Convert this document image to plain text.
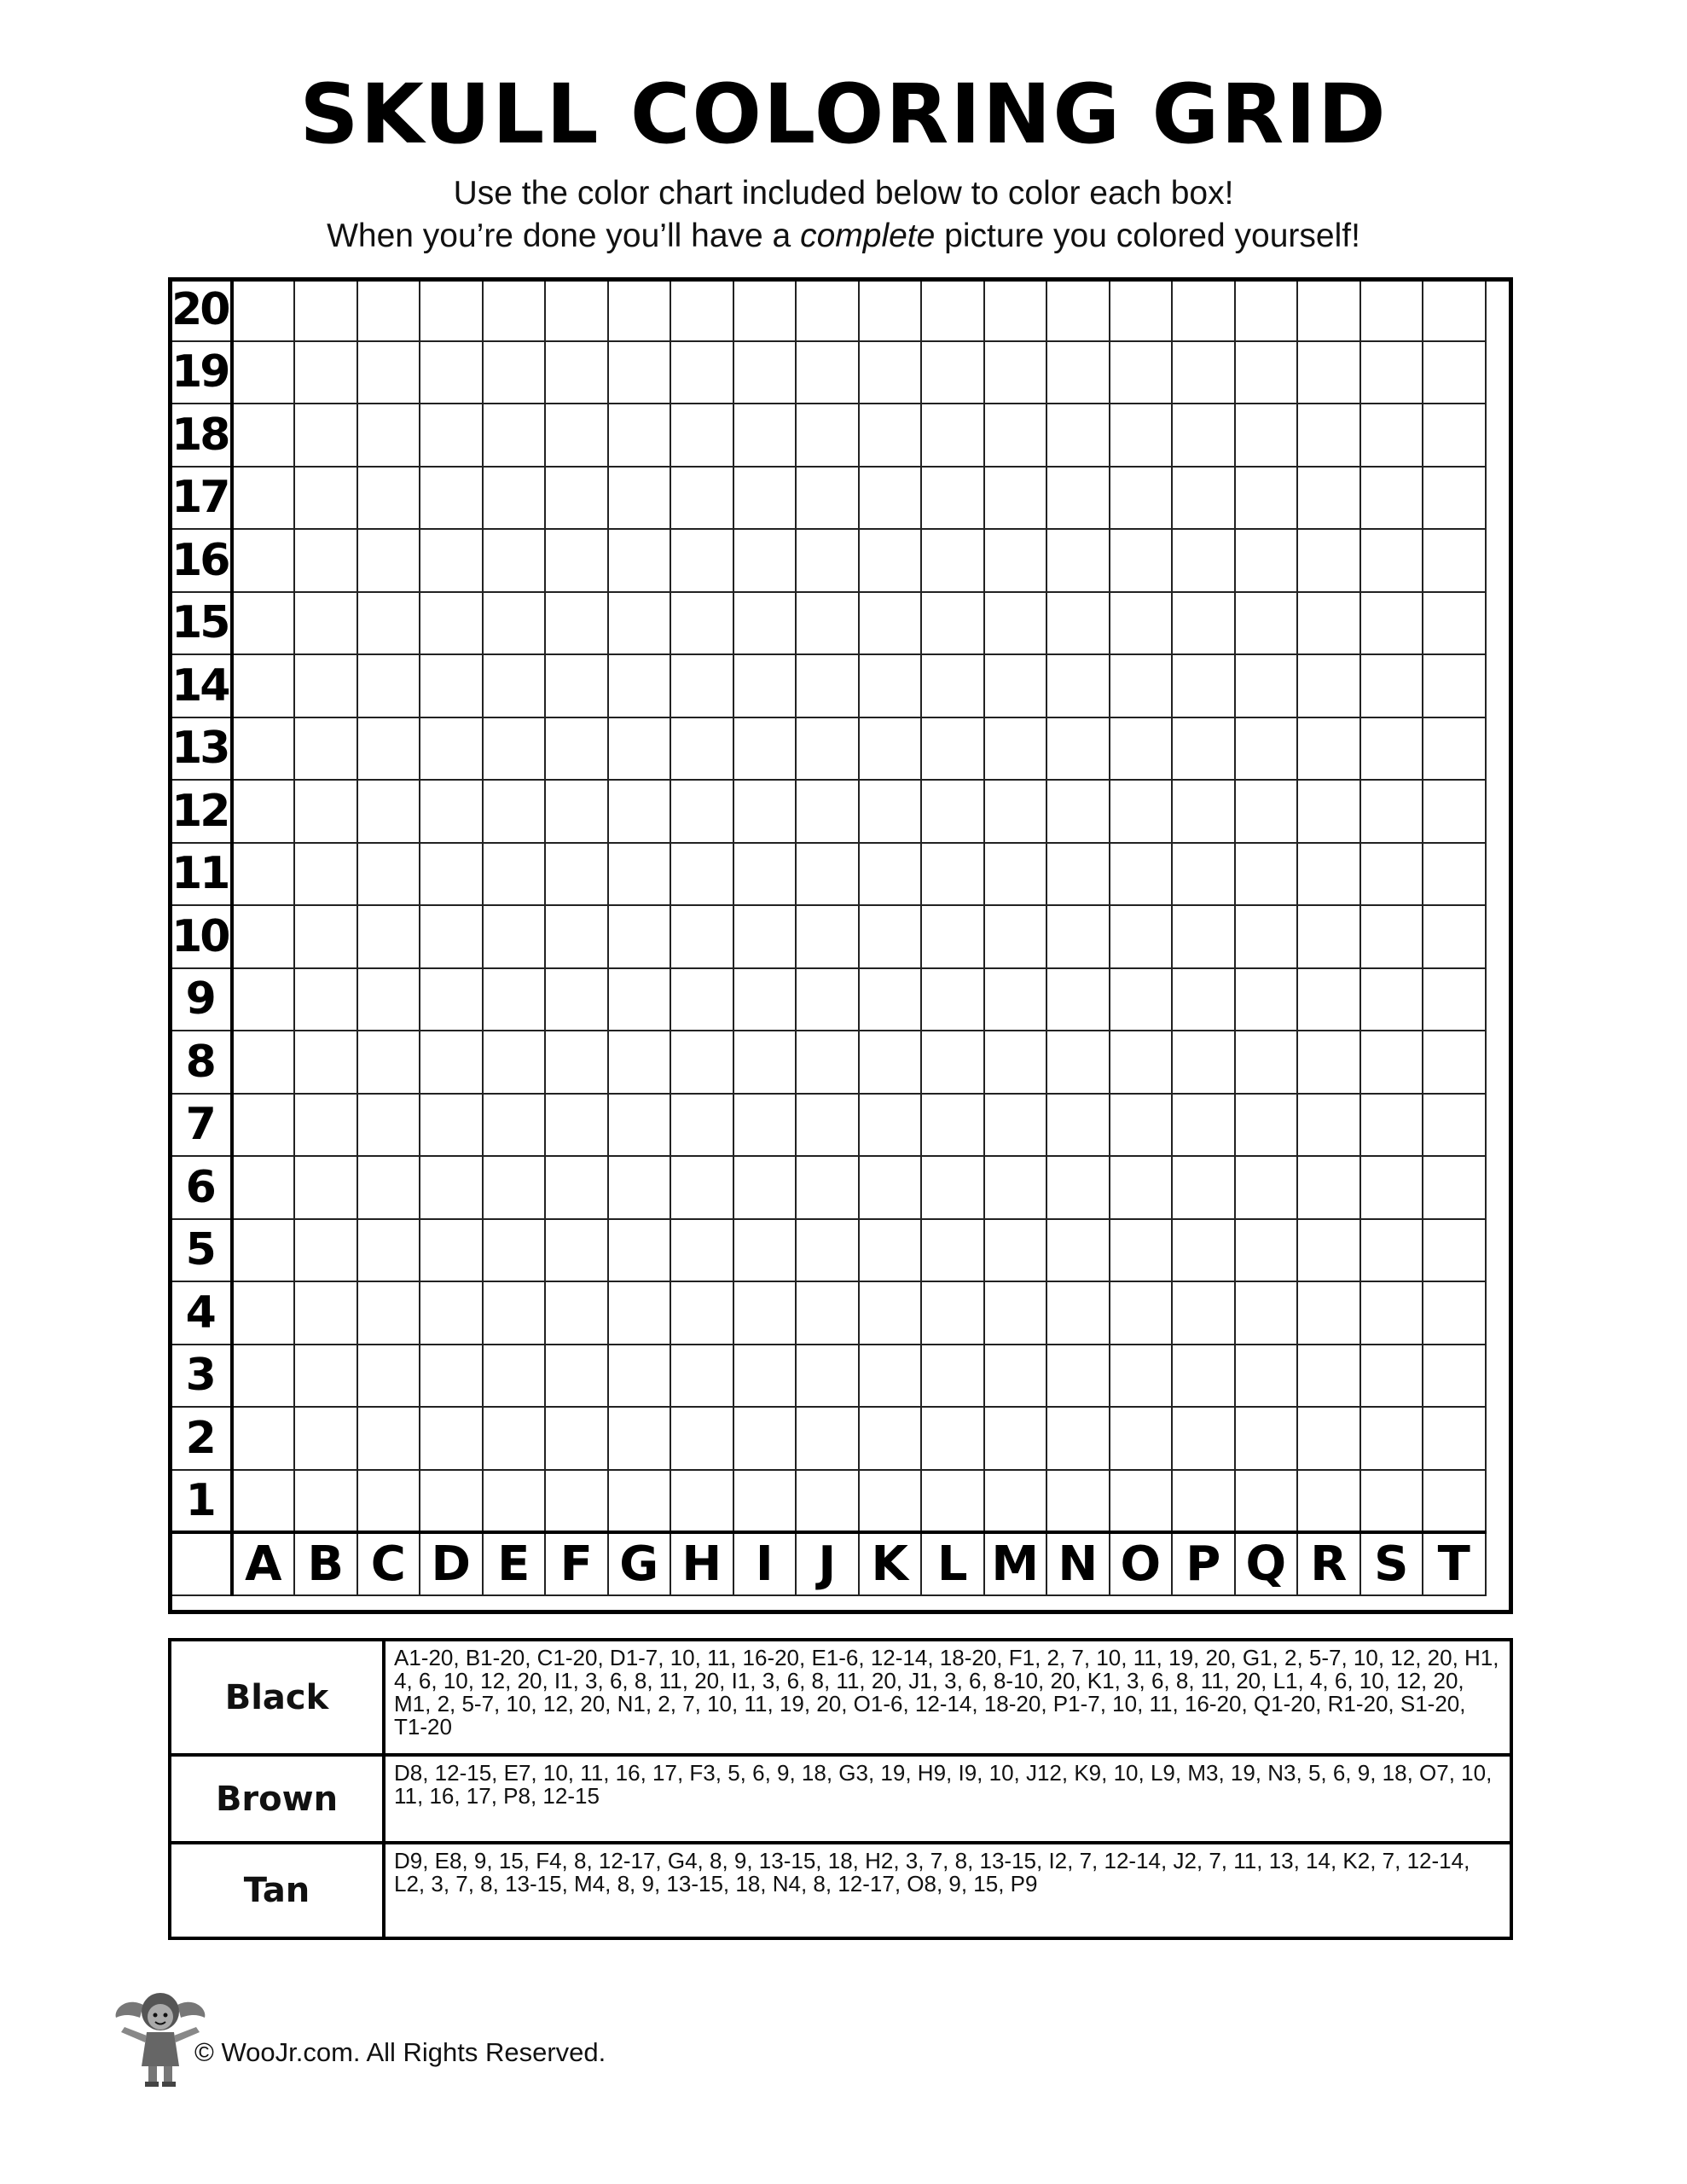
SKULL COLORING GRID
Use the color chart included below to color each box!
When you’re done you’ll have a complete picture you colored yourself!
20																				
19																				
18																				
17																				
16																				
15																				
14																				
13																				
12																				
11																				
10																				
9																				
8																				
7																				
6																				
5																				
4																				
3																				
2																				
1																				
	A	B	C	D	E	F	G	H	I	J	K	L	M	N	O	P	Q	R	S	T
Black	A1-20, B1-20, C1-20, D1-7, 10, 11, 16-20, E1-6, 12-14, 18-20, F1, 2, 7, 10, 11, 19, 20, G1, 2, 5-7, 10, 12, 20, H1, 4, 6, 10, 12, 20, I1, 3, 6, 8, 11, 20, I1, 3, 6, 8, 11, 20, J1, 3, 6, 8-10, 20, K1, 3, 6, 8, 11, 20, L1, 4, 6, 10, 12, 20, M1, 2, 5-7, 10, 12, 20, N1, 2, 7, 10, 11, 19, 20, O1-6, 12-14, 18-20, P1-7, 10, 11, 16-20, Q1-20, R1-20, S1-20, T1-20
Brown	D8, 12-15, E7, 10, 11, 16, 17, F3, 5, 6, 9, 18, G3, 19, H9, I9, 10, J12, K9, 10, L9, M3, 19, N3, 5, 6, 9, 18, O7, 10, 11, 16, 17, P8, 12-15
Tan	D9, E8, 9, 15, F4, 8, 12-17, G4, 8, 9, 13-15, 18, H2, 3, 7, 8, 13-15, I2, 7, 12-14, J2, 7, 11, 13, 14, K2, 7, 12-14, L2, 3, 7, 8, 13-15, M4, 8, 9, 13-15, 18, N4, 8, 12-17, O8, 9, 15, P9
© WooJr.com. All Rights Reserved.
